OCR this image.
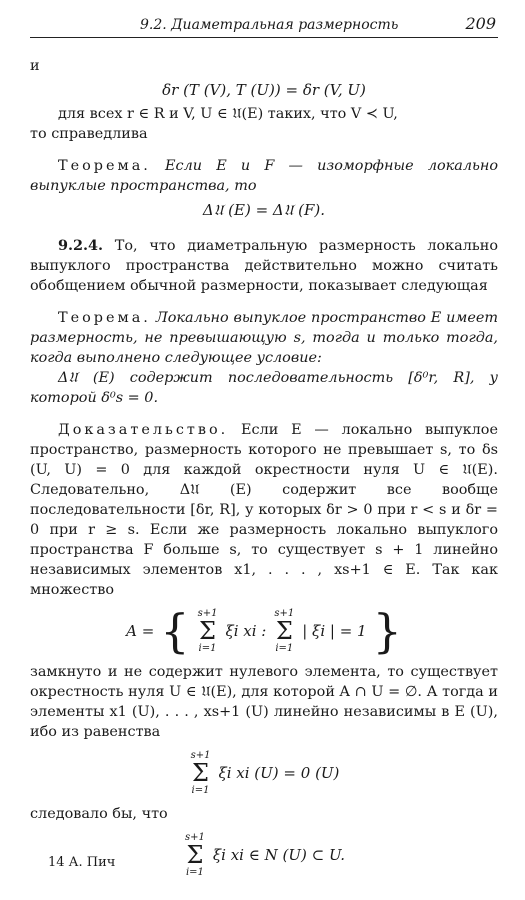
9.2. Диаметральная размерность	209

и

δr (T (V), T (U)) = δr (V, U)

для всех r ∈ R и V, U ∈ 𝔘(E) таких, что V ≺ U,

то справедлива

Теорема. Если E и F — изоморфные локально выпуклые пространства, то

Δ𝔘 (E) = Δ𝔘 (F).

9.2.4. То, что диаметральную размерность локально выпуклого пространства действительно можно считать обобщением обычной размерности, показывает следующая

Теорема. Локально выпуклое пространство E имеет размерность, не превышающую s, тогда и только тогда, когда выполнено следующее условие:

Δ𝔘 (E) содержит последовательность [δ⁰r, R], у которой δ⁰s = 0.

Доказательство. Если E — локально выпуклое пространство, размерность которого не превышает s, то δs (U, U) = 0 для каждой окрестности нуля U ∈ 𝔘(E). Следовательно, Δ𝔘 (E) содержит все вообще последовательности [δr, R], у которых δr > 0 при r < s и δr = 0 при r ≥ s. Если же размерность локально выпуклого пространства F больше s, то существует s + 1 линейно независимых элементов x1, . . . , xs+1 ∈ E. Так как множество

A = { s+1
Σ
i=1
ξi xi :
s+1
Σ
i=1
| ξi | = 1 }

замкнуто и не содержит нулевого элемента, то существует окрестность нуля U ∈ 𝔘(E), для которой A ∩ U = ∅. А тогда и элементы x1 (U), . . . , xs+1 (U) линейно независимы в E (U), ибо из равенства

s+1
Σ
i=1
ξi xi (U) = 0 (U)

следовало бы, что

s+1
Σ
i=1
ξi xi ∈ N (U) ⊂ U.
14 А. Пич
